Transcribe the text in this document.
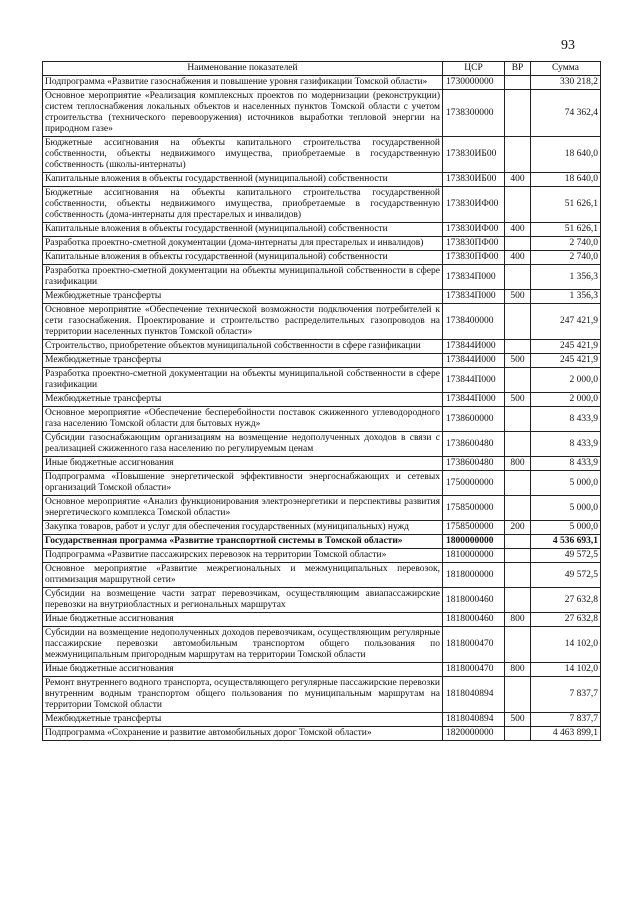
93
Наименование показателей	ЦСР	ВР	Сумма
Подпрограмма «Развитие газоснабжения и повышение уровня газификации Томской области»	1730000000		330 218,2
Основное мероприятие «Реализация комплексных проектов по модернизации (реконструкции) систем теплоснабжения локальных объектов и населенных пунктов Томской области с учетом строительства (технического перевооружения) источников выработки тепловой энергии на природном газе»	1738300000		74 362,4
Бюджетные ассигнования на объекты капитального строительства государственной собственности, объекты недвижимого имущества, приобретаемые в государственную собственность (школы-интернаты)	173830ИБ00		18 640,0
Капитальные вложения в объекты государственной (муниципальной) собственности	173830ИБ00	400	18 640,0
Бюджетные ассигнования на объекты капитального строительства государственной собственности, объекты недвижимого имущества, приобретаемые в государственную собственность (дома-интернаты для престарелых и инвалидов)	173830ИФ00		51 626,1
Капитальные вложения в объекты государственной (муниципальной) собственности	173830ИФ00	400	51 626,1
Разработка проектно-сметной документации (дома-интернаты для престарелых и инвалидов)	173830ПФ00		2 740,0
Капитальные вложения в объекты государственной (муниципальной) собственности	173830ПФ00	400	2 740,0
Разработка проектно-сметной документации на объекты муниципальной собственности в сфере газификации	173834П000		1 356,3
Межбюджетные трансферты	173834П000	500	1 356,3
Основное мероприятие «Обеспечение технической возможности подключения потребителей к сети газоснабжения. Проектирование и строительство распределительных газопроводов на территории населенных пунктов Томской области»	1738400000		247 421,9
Строительство, приобретение объектов муниципальной собственности в сфере газификации	173844И000		245 421,9
Межбюджетные трансферты	173844И000	500	245 421,9
Разработка проектно-сметной документации на объекты муниципальной собственности в сфере газификации	173844П000		2 000,0
Межбюджетные трансферты	173844П000	500	2 000,0
Основное мероприятие «Обеспечение бесперебойности поставок сжиженного углеводородного газа населению Томской области для бытовых нужд»	1738600000		8 433,9
Субсидии газоснабжающим организациям на возмещение недополученных доходов в связи с реализацией сжиженного газа населению по регулируемым ценам	1738600480		8 433,9
Иные бюджетные ассигнования	1738600480	800	8 433,9
Подпрограмма «Повышение энергетической эффективности энергоснабжающих и сетевых организаций Томской области»	1750000000		5 000,0
Основное мероприятие «Анализ функционирования электроэнергетики и перспективы развития энергетического комплекса Томской области»	1758500000		5 000,0
Закупка товаров, работ и услуг для обеспечения государственных (муниципальных) нужд	1758500000	200	5 000,0
Государственная программа «Развитие транспортной системы в Томской области»	1800000000		4 536 693,1
Подпрограмма «Развитие пассажирских перевозок на территории Томской области»	1810000000		49 572,5
Основное мероприятие «Развитие межрегиональных и межмуниципальных перевозок, оптимизация маршрутной сети»	1818000000		49 572,5
Субсидии на возмещение части затрат перевозчикам, осуществляющим авиапассажирские перевозки на внутриобластных и региональных маршрутах	1818000460		27 632,8
Иные бюджетные ассигнования	1818000460	800	27 632,8
Субсидии на возмещение недополученных доходов перевозчикам, осуществляющим регулярные пассажирские перевозки автомобильным транспортом общего пользования по межмуниципальным пригородным маршрутам на территории Томской области	1818000470		14 102,0
Иные бюджетные ассигнования	1818000470	800	14 102,0
Ремонт внутреннего водного транспорта, осуществляющего регулярные пассажирские перевозки внутренним водным транспортом общего пользования по муниципальным маршрутам на территории Томской области	1818040894		7 837,7
Межбюджетные трансферты	1818040894	500	7 837,7
Подпрограмма «Сохранение и развитие автомобильных дорог Томской области»	1820000000		4 463 899,1
